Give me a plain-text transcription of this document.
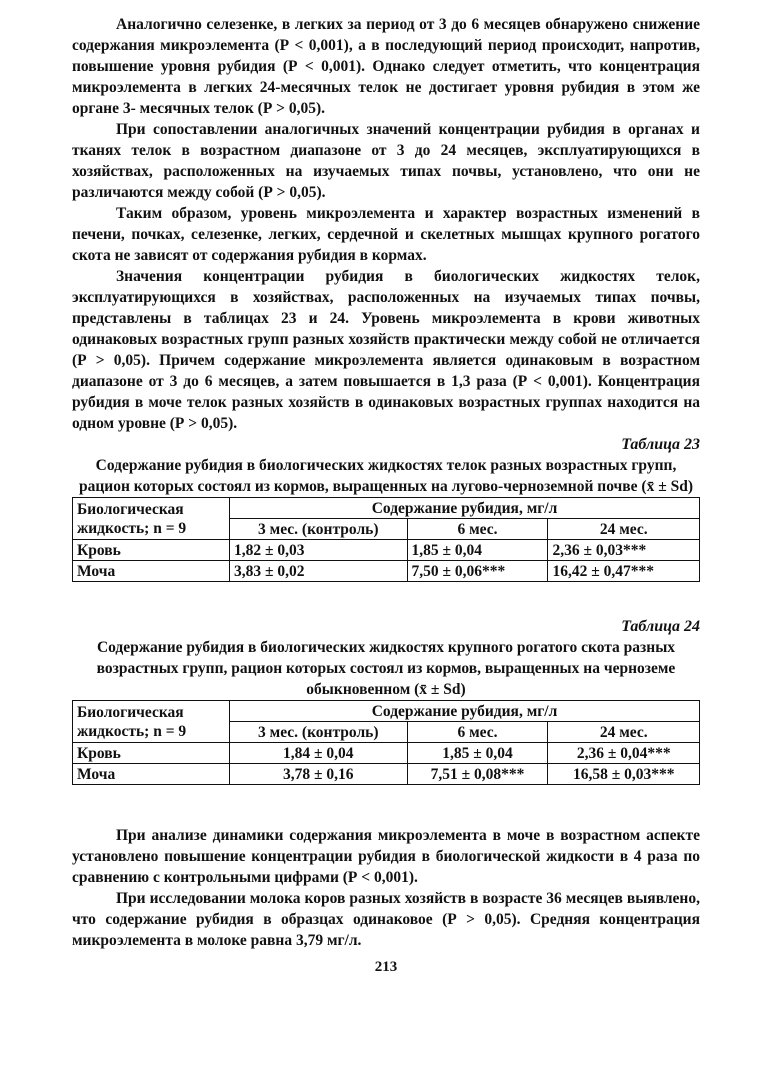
Аналогично селезенке, в легких за период от 3 до 6 месяцев обнаружено снижение содержания микроэлемента (Р < 0,001), а в последующий период происходит, напротив, повышение уровня рубидия (Р < 0,001). Однако следует отметить, что концентрация микроэлемента в легких 24-месячных телок не достигает уровня рубидия в этом же органе 3- месячных телок (Р > 0,05).

При сопоставлении аналогичных значений концентрации рубидия в органах и тканях телок в возрастном диапазоне от 3 до 24 месяцев, эксплуатирующихся в хозяйствах, расположенных на изучаемых типах почвы, установлено, что они не различаются между собой (Р > 0,05).

Таким образом, уровень микроэлемента и характер возрастных изменений в печени, почках, селезенке, легких, сердечной и скелетных мышцах крупного рогатого скота не зависят от содержания рубидия в кормах.

Значения концентрации рубидия в биологических жидкостях телок, эксплуатирующихся в хозяйствах, расположенных на изучаемых типах почвы, представлены в таблицах 23 и 24. Уровень микроэлемента в крови животных одинаковых возрастных групп разных хозяйств практически между собой не отличается (Р > 0,05). Причем содержание микроэлемента является одинаковым в возрастном диапазоне от 3 до 6 месяцев, а затем повышается в 1,3 раза (Р < 0,001). Концентрация рубидия в моче телок разных хозяйств в одинаковых возрастных группах находится на одном уровне (Р > 0,05).

Таблица 23
Содержание рубидия в биологических жидкостях телок разных возрастных групп, рацион которых состоял из кормов, выращенных на лугово-черноземной почве (x̄ ± Sd)
Биологическая жидкость; n = 9	Содержание рубидия, мг/л		
	3 мес. (контроль)	6 мес.	24 мес.
Кровь	1,82 ± 0,03	1,85 ± 0,04	2,36 ± 0,03***
Моча	3,83 ± 0,02	7,50 ± 0,06***	16,42 ± 0,47***
Таблица 24
Содержание рубидия в биологических жидкостях крупного рогатого скота разных возрастных групп, рацион которых состоял из кормов, выращенных на черноземе обыкновенном (x̄ ± Sd)
Биологическая жидкость; n = 9	Содержание рубидия, мг/л		
	3 мес. (контроль)	6 мес.	24 мес.
Кровь	1,84 ± 0,04	1,85 ± 0,04	2,36 ± 0,04***
Моча	3,78 ± 0,16	7,51 ± 0,08***	16,58 ± 0,03***

При анализе динамики содержания микроэлемента в моче в возрастном аспекте установлено повышение концентрации рубидия в биологической жидкости в 4 раза по сравнению с контрольными цифрами (Р < 0,001).

При исследовании молока коров разных хозяйств в возрасте 36 месяцев выявлено, что содержание рубидия в образцах одинаковое (Р > 0,05). Средняя концентрация микроэлемента в молоке равна 3,79 мг/л.

213
